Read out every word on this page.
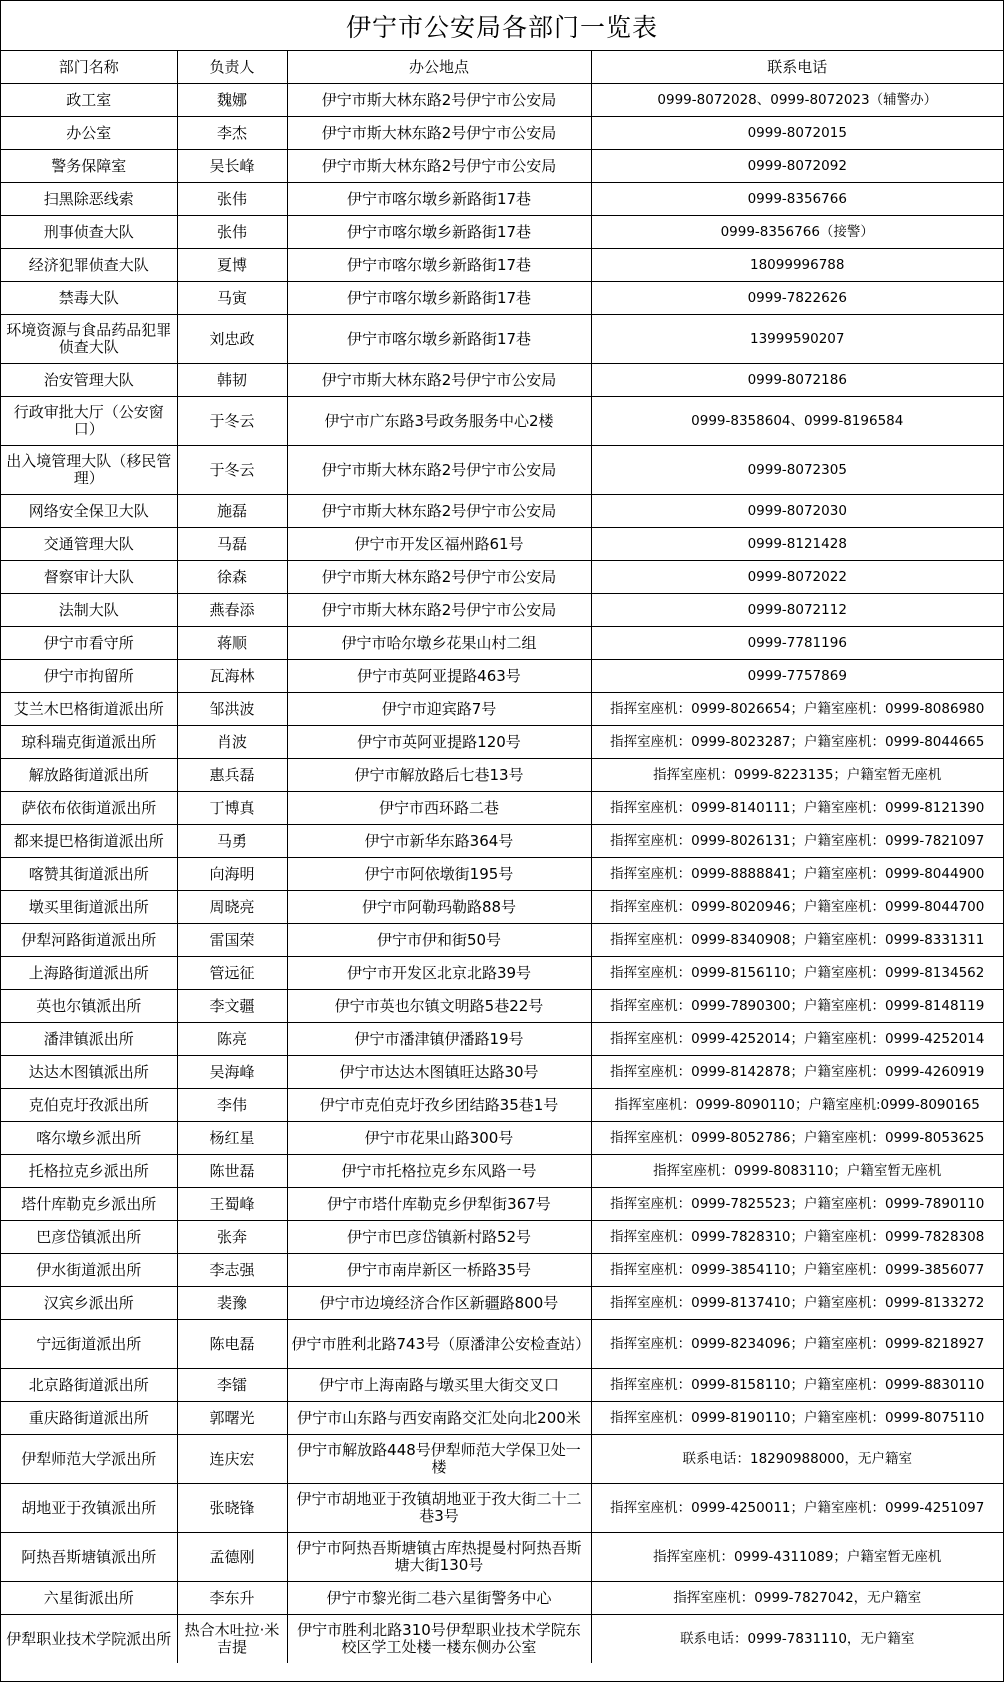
伊宁市公安局各部门一览表
部门名称	负责人	办公地点	联系电话
政工室	魏娜	伊宁市斯大林东路2号伊宁市公安局	0999-8072028、0999-8072023（辅警办）
办公室	李杰	伊宁市斯大林东路2号伊宁市公安局	0999-8072015
警务保障室	吴长峰	伊宁市斯大林东路2号伊宁市公安局	0999-8072092
扫黑除恶线索	张伟	伊宁市喀尔墩乡新路街17巷	0999-8356766
刑事侦查大队	张伟	伊宁市喀尔墩乡新路街17巷	0999-8356766（接警）
经济犯罪侦查大队	夏博	伊宁市喀尔墩乡新路街17巷	18099996788
禁毒大队	马寅	伊宁市喀尔墩乡新路街17巷	0999-7822626
环境资源与食品药品犯罪侦查大队	刘忠政	伊宁市喀尔墩乡新路街17巷	13999590207
治安管理大队	韩韧	伊宁市斯大林东路2号伊宁市公安局	0999-8072186
行政审批大厅（公安窗口）	于冬云	伊宁市广东路3号政务服务中心2楼	0999-8358604、0999-8196584
出入境管理大队（移民管理）	于冬云	伊宁市斯大林东路2号伊宁市公安局	0999-8072305
网络安全保卫大队	施磊	伊宁市斯大林东路2号伊宁市公安局	0999-8072030
交通管理大队	马磊	伊宁市开发区福州路61号	0999-8121428
督察审计大队	徐森	伊宁市斯大林东路2号伊宁市公安局	0999-8072022
法制大队	燕春添	伊宁市斯大林东路2号伊宁市公安局	0999-8072112
伊宁市看守所	蒋顺	伊宁市哈尔墩乡花果山村二组	0999-7781196
伊宁市拘留所	瓦海林	伊宁市英阿亚提路463号	0999-7757869
艾兰木巴格街道派出所	邹洪波	伊宁市迎宾路7号	指挥室座机：0999-8026654；户籍室座机：0999-8086980
琼科瑞克街道派出所	肖波	伊宁市英阿亚提路120号	指挥室座机：0999-8023287；户籍室座机：0999-8044665
解放路街道派出所	惠兵磊	伊宁市解放路后七巷13号	指挥室座机：0999-8223135；户籍室暂无座机
萨依布依街道派出所	丁博真	伊宁市西环路二巷	指挥室座机：0999-8140111；户籍室座机：0999-8121390
都来提巴格街道派出所	马勇	伊宁市新华东路364号	指挥室座机：0999-8026131；户籍室座机：0999-7821097
喀赞其街道派出所	向海明	伊宁市阿依墩街195号	指挥室座机：0999-8888841；户籍室座机：0999-8044900
墩买里街道派出所	周晓亮	伊宁市阿勒玛勒路88号	指挥室座机：0999-8020946；户籍室座机：0999-8044700
伊犁河路街道派出所	雷国荣	伊宁市伊和街50号	指挥室座机：0999-8340908；户籍室座机：0999-8331311
上海路街道派出所	管远征	伊宁市开发区北京北路39号	指挥室座机：0999-8156110；户籍室座机：0999-8134562
英也尔镇派出所	李文疆	伊宁市英也尔镇文明路5巷22号	指挥室座机：0999-7890300；户籍室座机：0999-8148119
潘津镇派出所	陈亮	伊宁市潘津镇伊潘路19号	指挥室座机：0999-4252014；户籍室座机：0999-4252014
达达木图镇派出所	吴海峰	伊宁市达达木图镇旺达路30号	指挥室座机：0999-8142878；户籍室座机：0999-4260919
克伯克圩孜派出所	李伟	伊宁市克伯克圩孜乡团结路35巷1号	指挥室座机：0999-8090110；户籍室座机:0999-8090165
喀尔墩乡派出所	杨红星	伊宁市花果山路300号	指挥室座机：0999-8052786；户籍室座机：0999-8053625
托格拉克乡派出所	陈世磊	伊宁市托格拉克乡东风路一号	指挥室座机：0999-8083110；户籍室暂无座机
塔什库勒克乡派出所	王蜀峰	伊宁市塔什库勒克乡伊犁街367号	指挥室座机：0999-7825523；户籍室座机：0999-7890110
巴彦岱镇派出所	张奔	伊宁市巴彦岱镇新村路52号	指挥室座机：0999-7828310；户籍室座机：0999-7828308
伊水街道派出所	李志强	伊宁市南岸新区一桥路35号	指挥室座机：0999-3854110；户籍室座机：0999-3856077
汉宾乡派出所	裴豫	伊宁市边境经济合作区新疆路800号	指挥室座机：0999-8137410；户籍室座机：0999-8133272
宁远街道派出所	陈电磊	伊宁市胜利北路743号（原潘津公安检查站）	指挥室座机：0999-8234096；户籍室座机：0999-8218927
北京路街道派出所	李镭	伊宁市上海南路与墩买里大街交叉口	指挥室座机：0999-8158110；户籍室座机：0999-8830110
重庆路街道派出所	郭曙光	伊宁市山东路与西安南路交汇处向北200米	指挥室座机：0999-8190110；户籍室座机：0999-8075110
伊犁师范大学派出所	连庆宏	伊宁市解放路448号伊犁师范大学保卫处一楼	联系电话：18290988000，无户籍室
胡地亚于孜镇派出所	张晓锋	伊宁市胡地亚于孜镇胡地亚于孜大街二十二巷3号	指挥室座机：0999-4250011；户籍室座机：0999-4251097
阿热吾斯塘镇派出所	孟德刚	伊宁市阿热吾斯塘镇古库热提曼村阿热吾斯塘大街130号	指挥室座机：0999-4311089；户籍室暂无座机
六星街派出所	李东升	伊宁市黎光街二巷六星街警务中心	指挥室座机：0999-7827042，无户籍室
伊犁职业技术学院派出所	热合木吐拉·米吉提	伊宁市胜利北路310号伊犁职业技术学院东校区学工处楼一楼东侧办公室	联系电话：0999-7831110，无户籍室
